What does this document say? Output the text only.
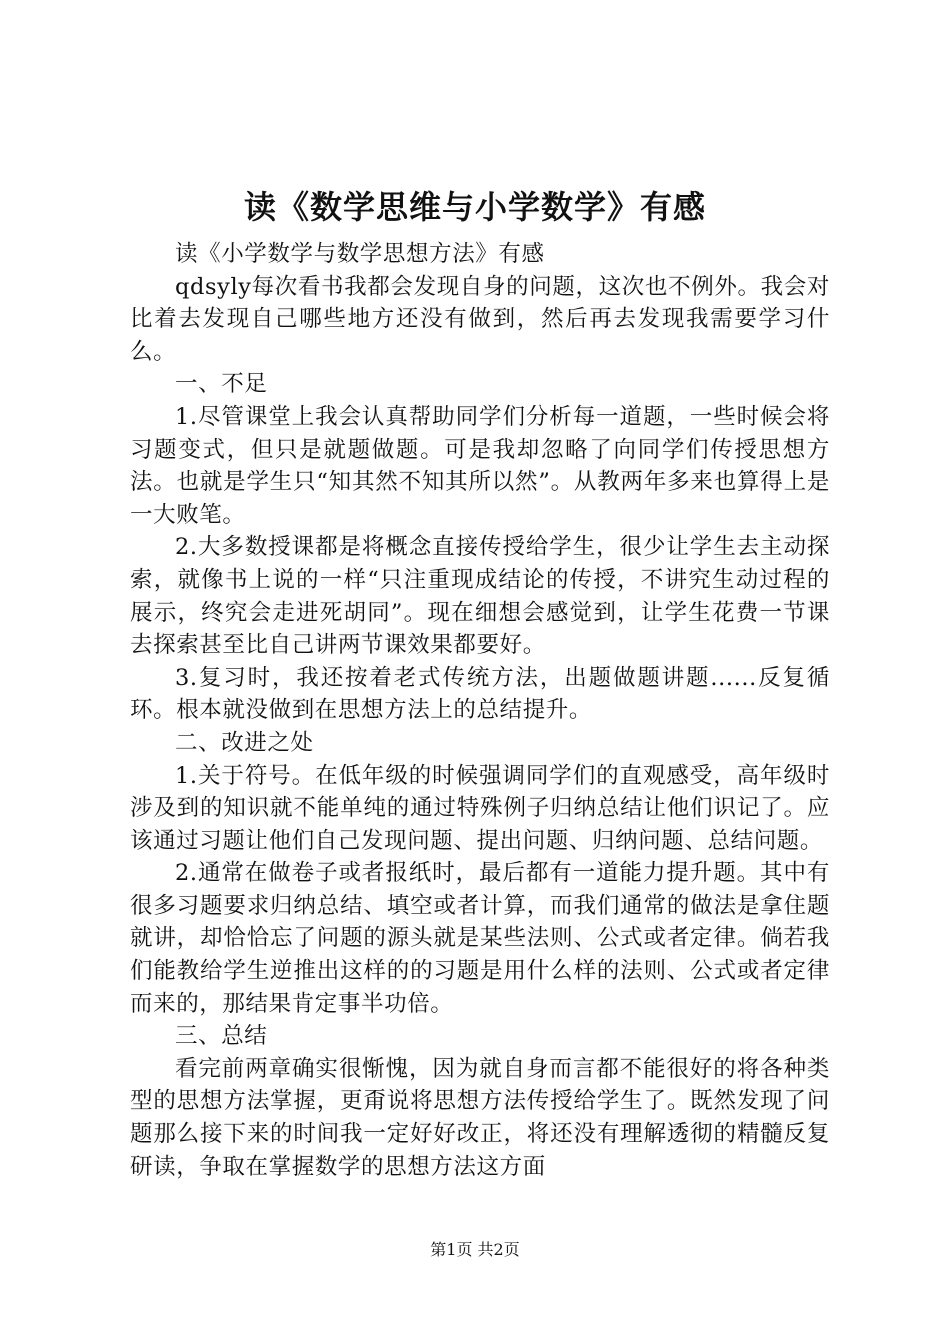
读《数学思维与小学数学》有感

读《小学数学与数学思想方法》有感

qdsyly每次看书我都会发现自身的问题，这次也不例外。我会对比着去发现自己哪些地方还没有做到，然后再去发现我需要学习什么。

一、不足

1.尽管课堂上我会认真帮助同学们分析每一道题，一些时候会将习题变式，但只是就题做题。可是我却忽略了向同学们传授思想方法。也就是学生只“知其然不知其所以然”。从教两年多来也算得上是一大败笔。

2.大多数授课都是将概念直接传授给学生，很少让学生去主动探索，就像书上说的一样“只注重现成结论的传授，不讲究生动过程的展示，终究会走进死胡同”。现在细想会感觉到，让学生花费一节课去探索甚至比自己讲两节课效果都要好。

3.复习时，我还按着老式传统方法，出题做题讲题......反复循环。根本就没做到在思想方法上的总结提升。

二、改进之处

1.关于符号。在低年级的时候强调同学们的直观感受，高年级时涉及到的知识就不能单纯的通过特殊例子归纳总结让他们识记了。应该通过习题让他们自己发现问题、提出问题、归纳问题、总结问题。

2.通常在做卷子或者报纸时，最后都有一道能力提升题。其中有很多习题要求归纳总结、填空或者计算，而我们通常的做法是拿住题就讲，却恰恰忘了问题的源头就是某些法则、公式或者定律。倘若我们能教给学生逆推出这样的的习题是用什么样的法则、公式或者定律而来的，那结果肯定事半功倍。

三、总结

看完前两章确实很惭愧，因为就自身而言都不能很好的将各种类型的思想方法掌握，更甭说将思想方法传授给学生了。既然发现了问题那么接下来的时间我一定好好改正，将还没有理解透彻的精髓反复研读，争取在掌握数学的思想方法这方面

第1页 共2页
